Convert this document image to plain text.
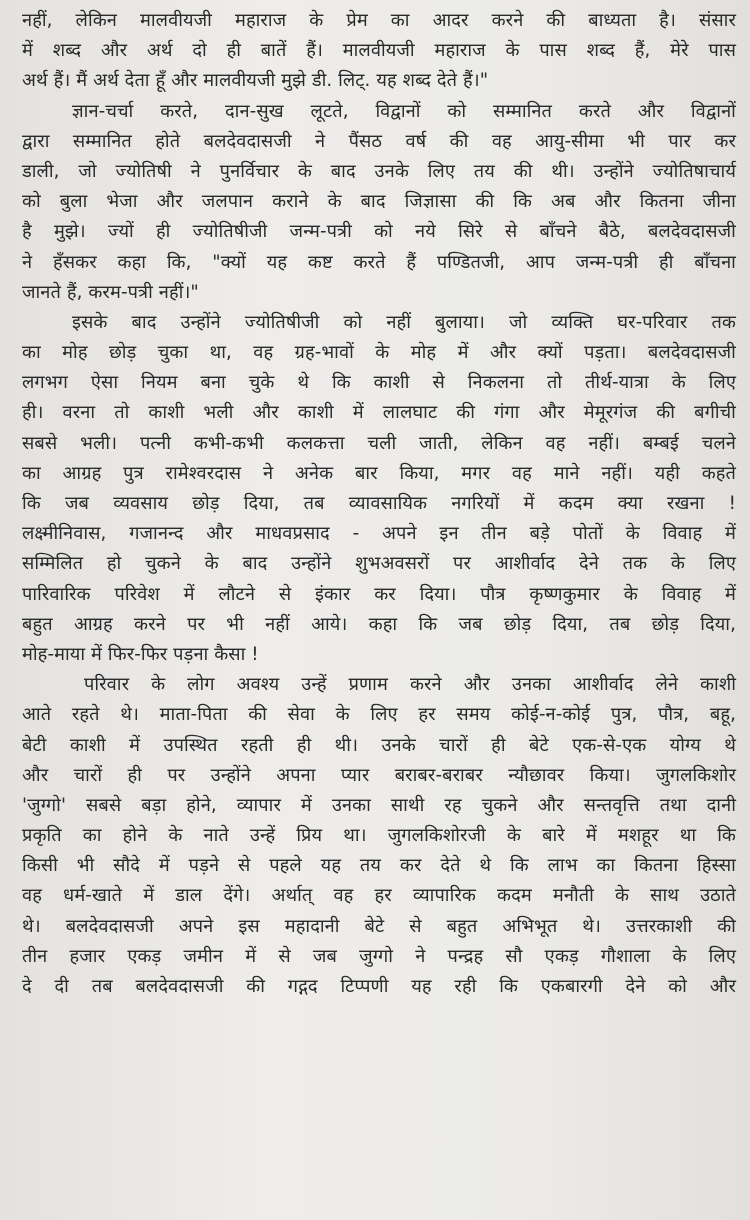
नहीं, लेकिन मालवीयजी महाराज के प्रेम का आदर करने की बाध्यता है। संसार
में शब्द और अर्थ दो ही बातें हैं। मालवीयजी महाराज के पास शब्द हैं, मेरे पास
अर्थ हैं। मैं अर्थ देता हूँ और मालवीयजी मुझे डी. लिट्. यह शब्द देते हैं।"
ज्ञान-चर्चा करते, दान-सुख लूटते, विद्वानों को सम्मानित करते और विद्वानों
द्वारा सम्मानित होते बलदेवदासजी ने पैंसठ वर्ष की वह आयु-सीमा भी पार कर
डाली, जो ज्योतिषी ने पुनर्विचार के बाद उनके लिए तय की थी। उन्होंने ज्योतिषाचार्य
को बुला भेजा और जलपान कराने के बाद जिज्ञासा की कि अब और कितना जीना
है मुझे। ज्यों ही ज्योतिषीजी जन्म-पत्री को नये सिरे से बाँचने बैठे, बलदेवदासजी
ने हँसकर कहा कि, "क्यों यह कष्ट करते हैं पण्डितजी, आप जन्म-पत्री ही बाँचना
जानते हैं, करम-पत्री नहीं।"
इसके बाद उन्होंने ज्योतिषीजी को नहीं बुलाया। जो व्यक्ति घर-परिवार तक
का मोह छोड़ चुका था, वह ग्रह-भावों के मोह में और क्यों पड़ता। बलदेवदासजी
लगभग ऐसा नियम बना चुके थे कि काशी से निकलना तो तीर्थ-यात्रा के लिए
ही। वरना तो काशी भली और काशी में लालघाट की गंगा और मेमूरगंज की बगीची
सबसे भली। पत्नी कभी-कभी कलकत्ता चली जाती, लेकिन वह नहीं। बम्बई चलने
का आग्रह पुत्र रामेश्वरदास ने अनेक बार किया, मगर वह माने नहीं। यही कहते
कि जब व्यवसाय छोड़ दिया, तब व्यावसायिक नगरियों में कदम क्या रखना !
लक्ष्मीनिवास, गजानन्द और माधवप्रसाद - अपने इन तीन बड़े पोतों के विवाह में
सम्मिलित हो चुकने के बाद उन्होंने शुभअवसरों पर आशीर्वाद देने तक के लिए
पारिवारिक परिवेश में लौटने से इंकार कर दिया। पौत्र कृष्णकुमार के विवाह में
बहुत आग्रह करने पर भी नहीं आये। कहा कि जब छोड़ दिया, तब छोड़ दिया,
मोह-माया में फिर-फिर पड़ना कैसा !
परिवार के लोग अवश्य उन्हें प्रणाम करने और उनका आशीर्वाद लेने काशी
आते रहते थे। माता-पिता की सेवा के लिए हर समय कोई-न-कोई पुत्र, पौत्र, बहू,
बेटी काशी में उपस्थित रहती ही थी। उनके चारों ही बेटे एक-से-एक योग्य थे
और चारों ही पर उन्होंने अपना प्यार बराबर-बराबर न्यौछावर किया। जुगलकिशोर
'जुग्गो' सबसे बड़ा होने, व्यापार में उनका साथी रह चुकने और सन्तवृत्ति तथा दानी
प्रकृति का होने के नाते उन्हें प्रिय था। जुगलकिशोरजी के बारे में मशहूर था कि
किसी भी सौदे में पड़ने से पहले यह तय कर देते थे कि लाभ का कितना हिस्सा
वह धर्म-खाते में डाल देंगे। अर्थात् वह हर व्यापारिक कदम मनौती के साथ उठाते
थे। बलदेवदासजी अपने इस महादानी बेटे से बहुत अभिभूत थे। उत्तरकाशी की
तीन हजार एकड़ जमीन में से जब जुग्गो ने पन्द्रह सौ एकड़ गौशाला के लिए
दे दी तब बलदेवदासजी की गद्गद टिप्पणी यह रही कि एकबारगी देने को और
